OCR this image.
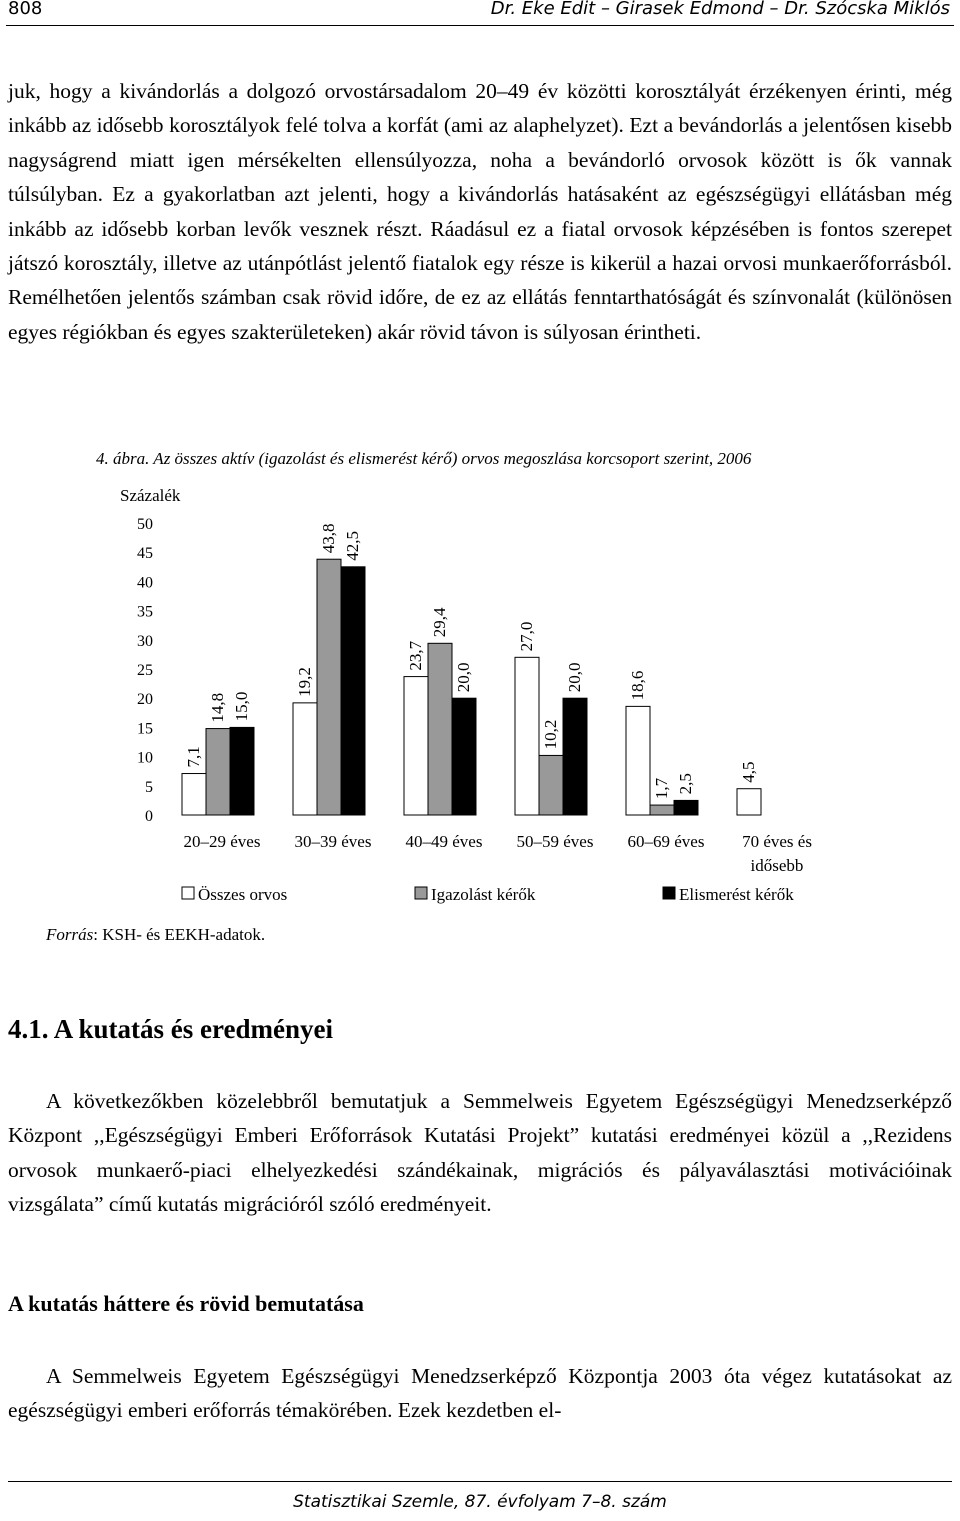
808	Dr. Eke Edit – Girasek Edmond – Dr. Szócska Miklós

juk, hogy a kivándorlás a dolgozó orvostársadalom 20–49 év közötti korosztályát érzékenyen érinti, még inkább az idősebb korosztályok felé tolva a korfát (ami az alaphelyzet). Ezt a bevándorlás a jelentősen kisebb nagyságrend miatt igen mérsékelten ellensúlyozza, noha a bevándorló orvosok között is ők vannak túlsúlyban. Ez a gyakorlatban azt jelenti, hogy a kivándorlás hatásaként az egészségügyi ellátásban még inkább az idősebb korban levők vesznek részt. Ráadásul ez a fiatal orvosok képzésében is fontos szerepet játszó korosztály, illetve az utánpótlást jelentő fiatalok egy része is kikerül a hazai orvosi munkaerőforrásból. Remélhetően jelentős számban csak rövid időre, de ez az ellátás fenntarthatóságát és színvonalát (különösen egyes régiókban és egyes szakterületeken) akár rövid távon is súlyosan érintheti.

4. ábra. Az összes aktív (igazolást és elismerést kérő) orvos megoszlása korcsoport szerint, 2006
Százalék
0
5
10
15
20
25
30
35
40
45
50
7,1
19,2
23,7
27,0
18,6
4,5
14,8
43,8
29,4
10,2
1,7
15,0
42,5
20,0	20,0
2,5
20–29 éves 30–39 éves 40–49 éves 50–59 éves 60–69 éves 70 éves és
idősebb
Összes orvos	Igazolást kérők	Elismerést kérők
Forrás: KSH- és EEKH-adatok.
4.1. A kutatás és eredményei

A következőkben közelebbről bemutatjuk a Semmelweis Egyetem Egészségügyi Menedzserképző Központ ,,Egészségügyi Emberi Erőforrások Kutatási Projekt” kutatási eredményei közül a ,,Rezidens orvosok munkaerő-piaci elhelyezkedési szándékainak, migrációs és pályaválasztási motivációinak vizsgálata” című kutatás migrációról szóló eredményeit.

A kutatás háttere és rövid bemutatása

A Semmelweis Egyetem Egészségügyi Menedzserképző Központja 2003 óta végez kutatásokat az egészségügyi emberi erőforrás témakörében. Ezek kezdetben el-

Statisztikai Szemle, 87. évfolyam 7–8. szám
